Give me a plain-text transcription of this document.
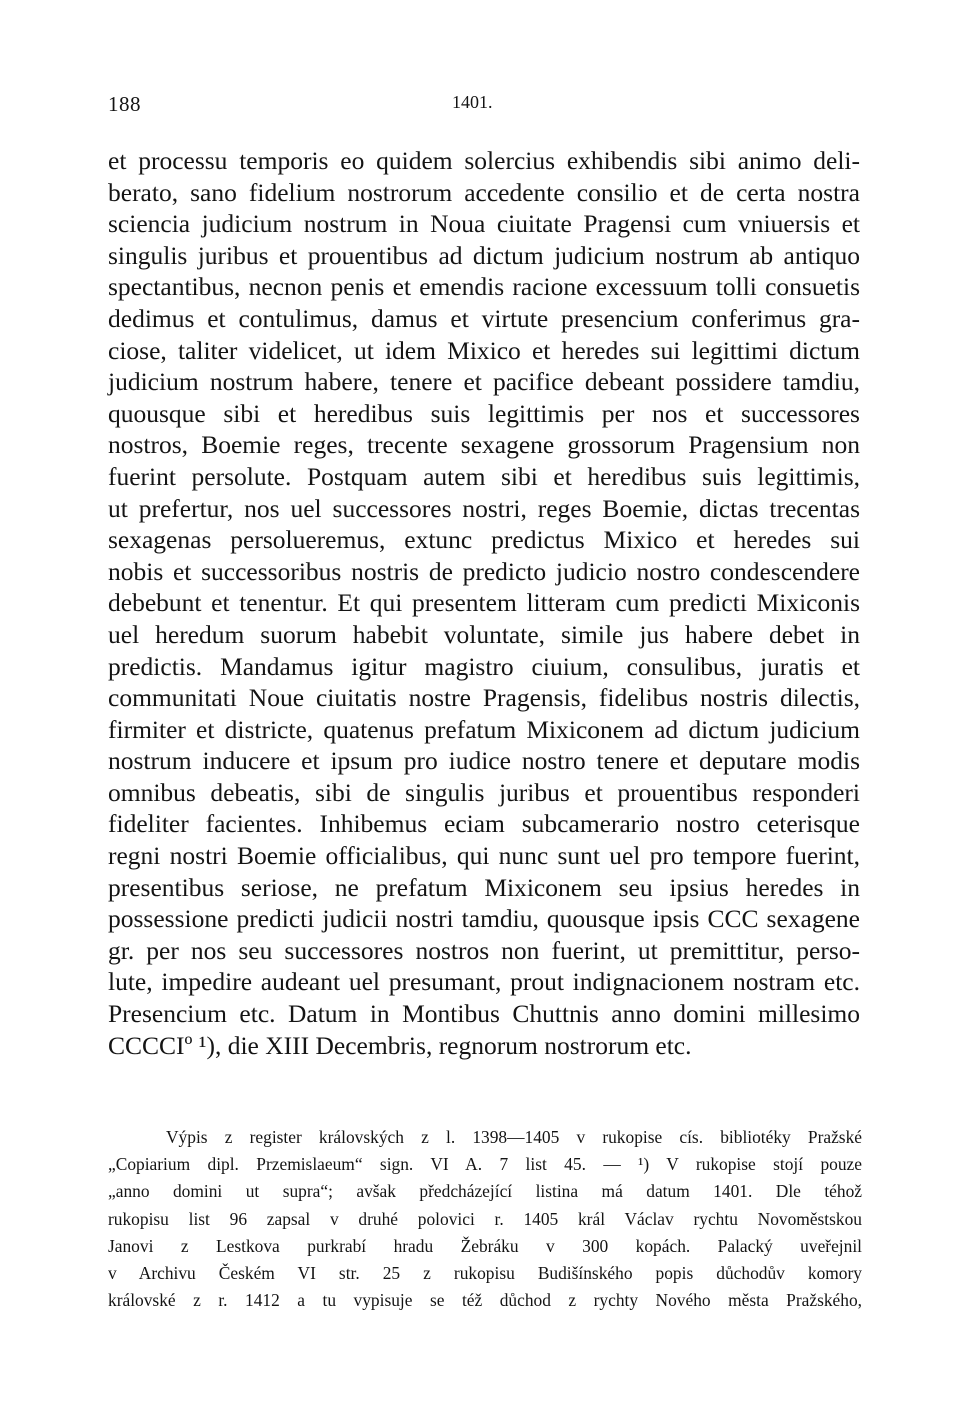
188	1401.
et processu temporis eo quidem solercius exhibendis sibi animo deli-
berato, sano fidelium nostrorum accedente consilio et de certa nostra
sciencia judicium nostrum in Noua ciuitate Pragensi cum vniuersis et
singulis juribus et prouentibus ad dictum judicium nostrum ab antiquo
spectantibus, necnon penis et emendis racione excessuum tolli consuetis
dedimus et contulimus, damus et virtute presencium conferimus gra-
ciose, taliter videlicet, ut idem Mixico et heredes sui legittimi dictum
judicium nostrum habere, tenere et pacifice debeant possidere tamdiu,
quousque sibi et heredibus suis legittimis per nos et successores
nostros, Boemie reges, trecente sexagene grossorum Pragensium non
fuerint persolute. Postquam autem sibi et heredibus suis legittimis,
ut prefertur, nos uel successores nostri, reges Boemie, dictas trecentas
sexagenas persolueremus, extunc predictus Mixico et heredes sui
nobis et successoribus nostris de predicto judicio nostro condescendere
debebunt et tenentur. Et qui presentem litteram cum predicti Mixiconis
uel heredum suorum habebit voluntate, simile jus habere debet in
predictis. Mandamus igitur magistro ciuium, consulibus, juratis et
communitati Noue ciuitatis nostre Pragensis, fidelibus nostris dilectis,
firmiter et districte, quatenus prefatum Mixiconem ad dictum judicium
nostrum inducere et ipsum pro iudice nostro tenere et deputare modis
omnibus debeatis, sibi de singulis juribus et prouentibus responderi
fideliter facientes. Inhibemus eciam subcamerario nostro ceterisque
regni nostri Boemie officialibus, qui nunc sunt uel pro tempore fuerint,
presentibus seriose, ne prefatum Mixiconem seu ipsius heredes in
possessione predicti judicii nostri tamdiu, quousque ipsis CCC sexagene
gr. per nos seu successores nostros non fuerint, ut premittitur, perso-
lute, impedire audeant uel presumant, prout indignacionem nostram etc.
Presencium etc. Datum in Montibus Chuttnis anno domini millesimo
CCCCIº ¹), die XIII Decembris, regnorum nostrorum etc.
Výpis z register královských z l. 1398—1405 v rukopise cís. bibliotéky Pražské
„Copiarium dipl. Przemislaeum“ sign. VI A. 7 list 45. — ¹) V rukopise stojí pouze
„anno domini ut supra“; avšak předcházející listina má datum 1401. Dle téhož
rukopisu list 96 zapsal v druhé polovici r. 1405 král Václav rychtu Novoměstskou
Janovi z Lestkova purkrabí hradu Žebráku v 300 kopách. Palacký uveřejnil
v Archivu Českém VI str. 25 z rukopisu Budišínského popis důchodův komory
královské z r. 1412 a tu vypisuje se též důchod z rychty Nového města Pražského,
